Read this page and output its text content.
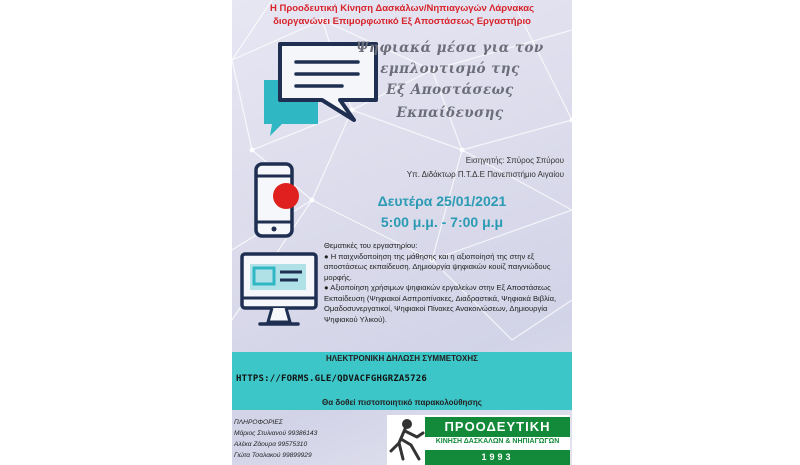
Η Προοδευτική Κίνηση Δασκάλων/Νηπιαγωγών Λάρνακας
διοργανώνει Επιμορφωτικό Εξ Αποστάσεως Εργαστήριο
Ψηφιακά μέσα για τον
εμπλουτισμό της
Εξ Αποστάσεως
Εκπαίδευσης
Εισηγητής: Σπύρος Σπύρου
Υπ. Διδάκτωρ Π.Τ.Δ.Ε Πανεπιστήμιο Αιγαίου
Δευτέρα 25/01/2021
5:00 μ.μ. - 7:00 μ.μ

Θεματικές του εργαστηρίου:

● Η παιχνιδοποίηση της μάθησης και η αξιοποίησή της στην εξ αποστάσεως εκπαίδευση. Δημιουργία ψηφιακών κουίζ παιγνιώδους μορφής.

● Αξιοποίηση χρήσιμων ψηφιακών εργαλείων στην Εξ Αποστάσεως Εκπαίδευση (Ψηφιακοί Ασπροπίνακες, Διαδραστικά, Ψηφιακά Βιβλία, Ομαδοσυνεργατικοί, Ψηφιακοί Πίνακες Ανακοινώσεων, Δημιουργία Ψηφιακού Υλικού).

ΗΛΕΚΤΡΟΝΙΚΗ ΔΗΛΩΣΗ ΣΥΜΜΕΤΟΧΗΣ
HTTPS://FORMS.GLE/QDVACFGHGRZA5726
Θα δοθεί πιστοποιητικό παρακολούθησης
ΠΛΗΡΟΦΟΡΙΕΣ
Μάριος Στυλιανού 99386143
Αλέκα Ζάουρα 99575310
Γιώτα Τσαλακού 99899929
ΠΡΟΟΔΕΥΤΙΚΗ
ΚΙΝΗΣΗ ΔΑΣΚΑΛΩΝ & ΝΗΠΙΑΓΩΓΩΝ
1993
